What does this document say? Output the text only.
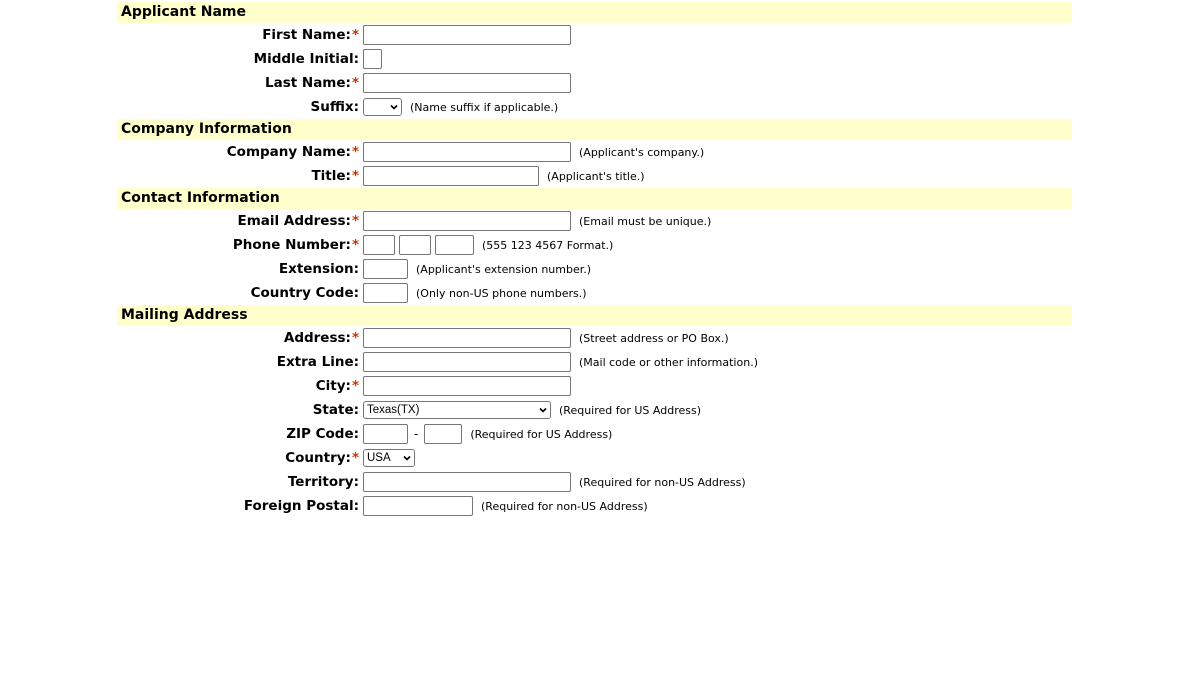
Applicant Name
First Name:*
Middle Initial:
Last Name:*
Suffix:	(Name suffix if applicable.)
Company Information
Company Name:*	(Applicant's company.)
Title:*	(Applicant's title.)
Contact Information
Email Address:*	(Email must be unique.)
Phone Number:*	(555 123 4567 Format.)
Extension:	(Applicant's extension number.)
Country Code:	(Only non-US phone numbers.)
Mailing Address
Address:*	(Street address or PO Box.)
Extra Line:	(Mail code or other information.)
City:*
State: Texas(TX)	(Required for US Address)
ZIP Code:	-	(Required for US Address)
Country:* USA
Territory:	(Required for non-US Address)
Foreign Postal:	(Required for non-US Address)
